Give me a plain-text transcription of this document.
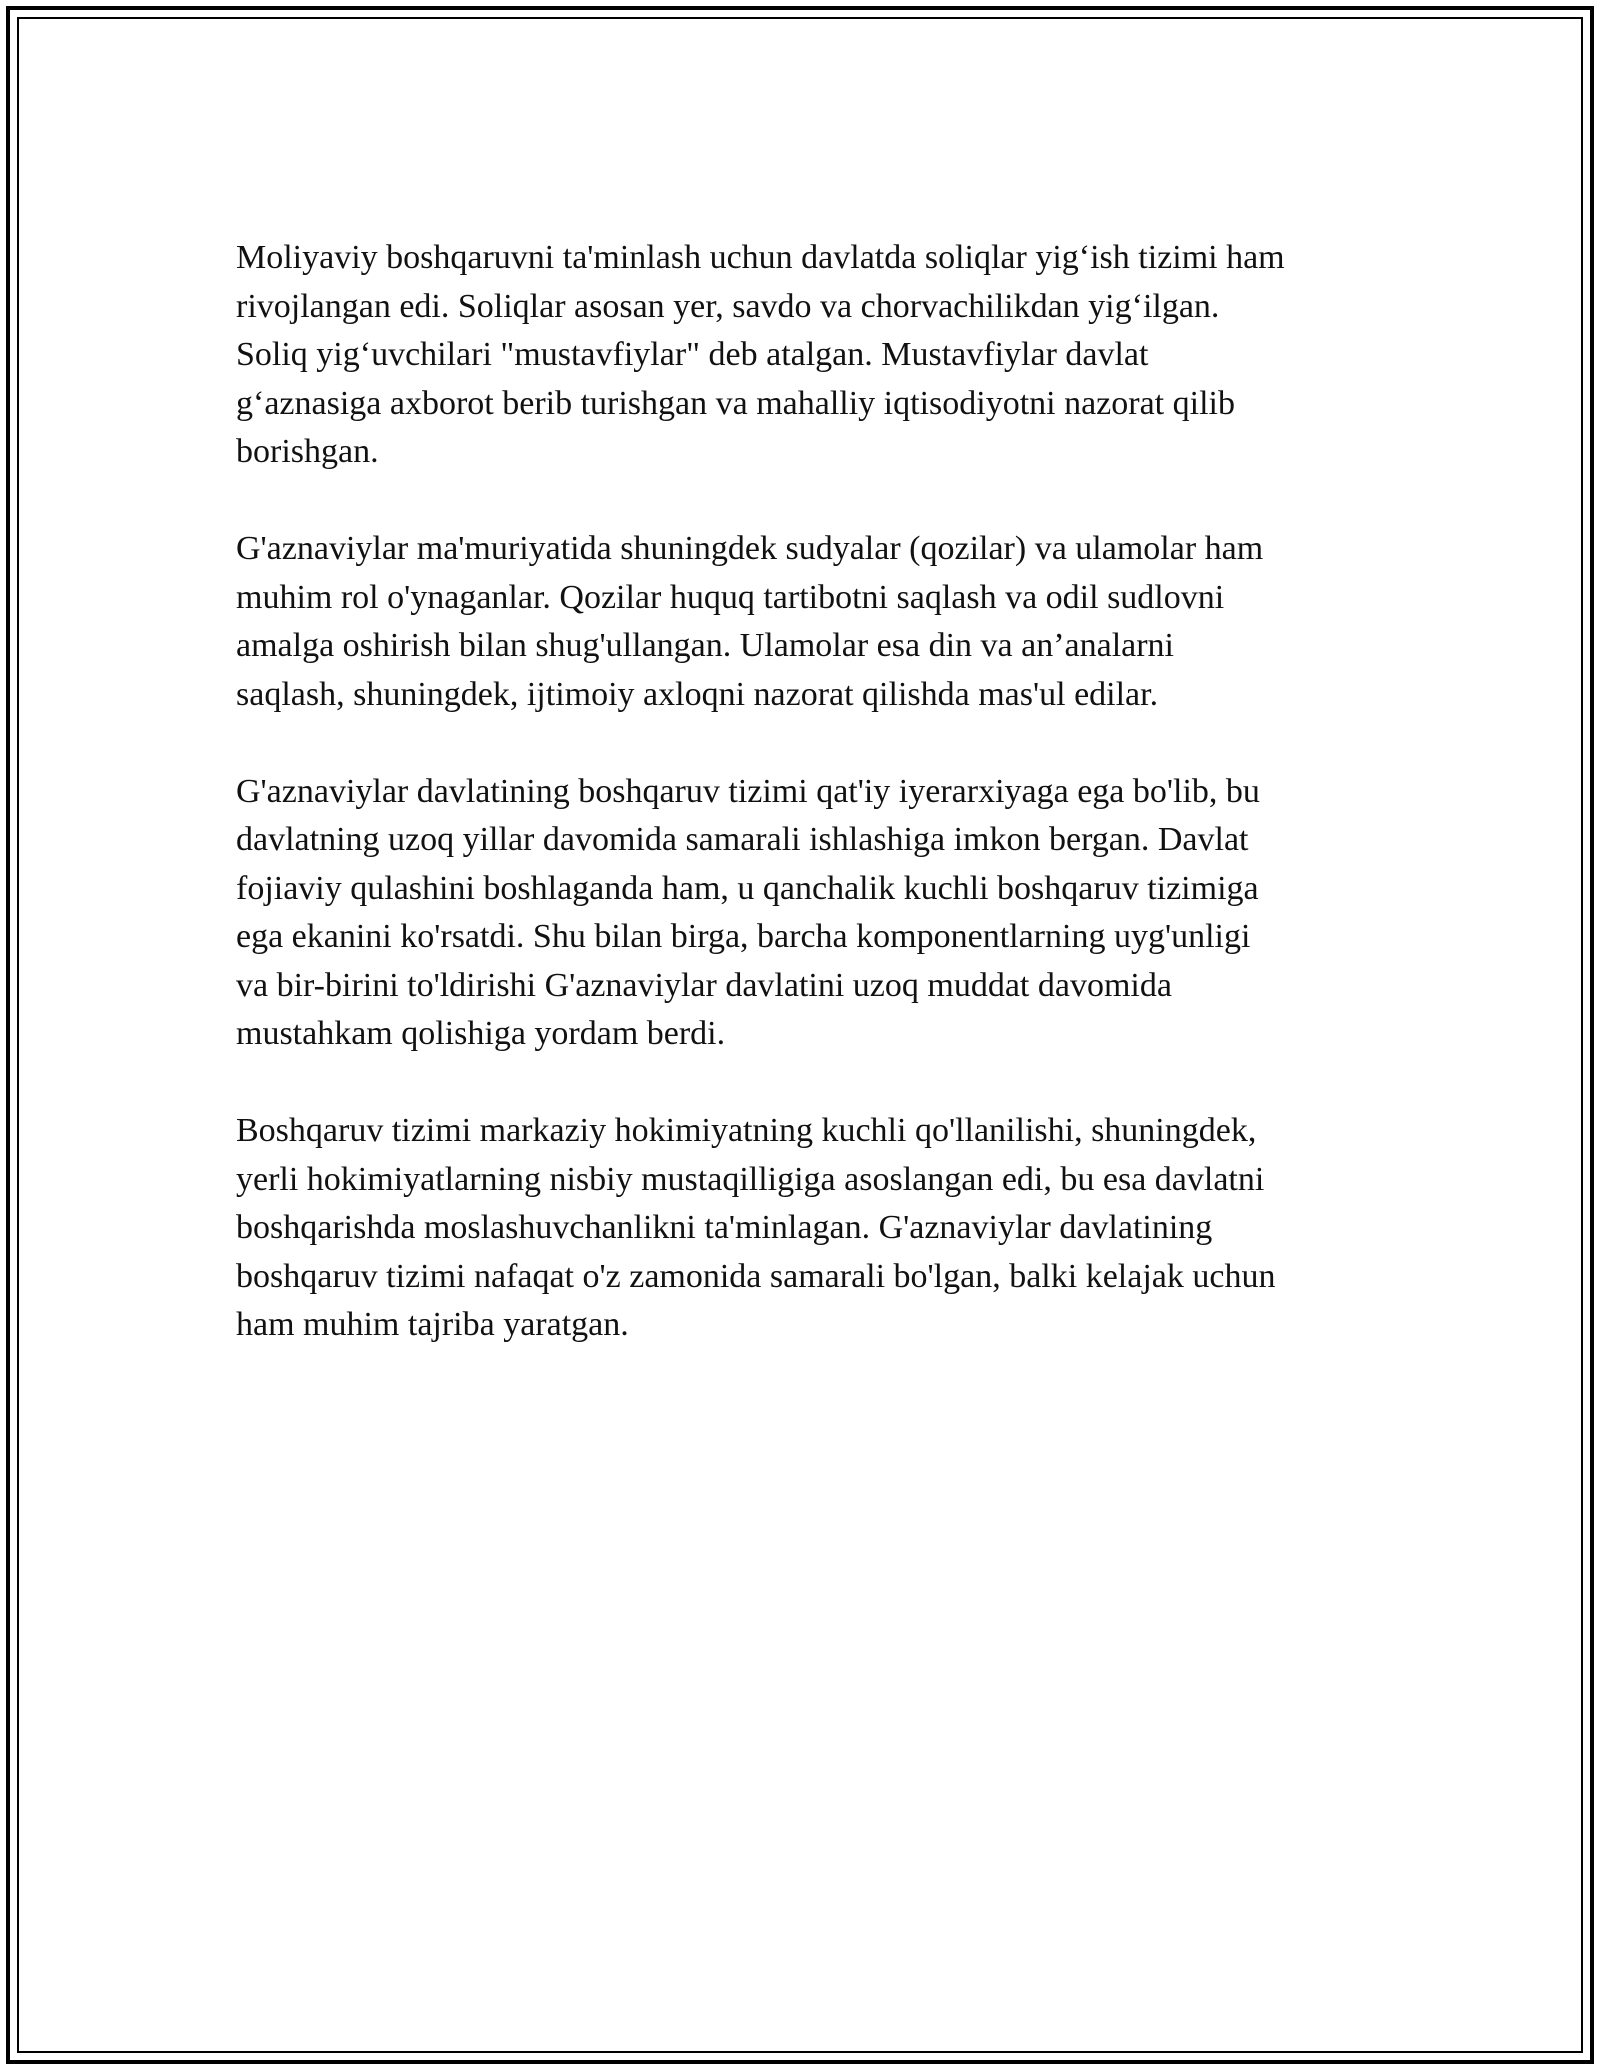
Moliyaviy boshqaruvni ta'minlash uchun davlatda soliqlar yig‘ish tizimi ham
rivojlangan edi. Soliqlar asosan yer, savdo va chorvachilikdan yig‘ilgan.
Soliq yig‘uvchilari "mustavfiylar" deb atalgan. Mustavfiylar davlat
g‘aznasiga axborot berib turishgan va mahalliy iqtisodiyotni nazorat qilib
borishgan.

G'aznaviylar ma'muriyatida shuningdek sudyalar (qozilar) va ulamolar ham
muhim rol o'ynaganlar. Qozilar huquq tartibotni saqlash va odil sudlovni
amalga oshirish bilan shug'ullangan. Ulamolar esa din va an’analarni
saqlash, shuningdek, ijtimoiy axloqni nazorat qilishda mas'ul edilar.

G'aznaviylar davlatining boshqaruv tizimi qat'iy iyerarxiyaga ega bo'lib, bu
davlatning uzoq yillar davomida samarali ishlashiga imkon bergan. Davlat
fojiaviy qulashini boshlaganda ham, u qanchalik kuchli boshqaruv tizimiga
ega ekanini ko'rsatdi. Shu bilan birga, barcha komponentlarning uyg'unligi
va bir-birini to'ldirishi G'aznaviylar davlatini uzoq muddat davomida
mustahkam qolishiga yordam berdi.

Boshqaruv tizimi markaziy hokimiyatning kuchli qo'llanilishi, shuningdek,
yerli hokimiyatlarning nisbiy mustaqilligiga asoslangan edi, bu esa davlatni
boshqarishda moslashuvchanlikni ta'minlagan. G'aznaviylar davlatining
boshqaruv tizimi nafaqat o'z zamonida samarali bo'lgan, balki kelajak uchun
ham muhim tajriba yaratgan.
